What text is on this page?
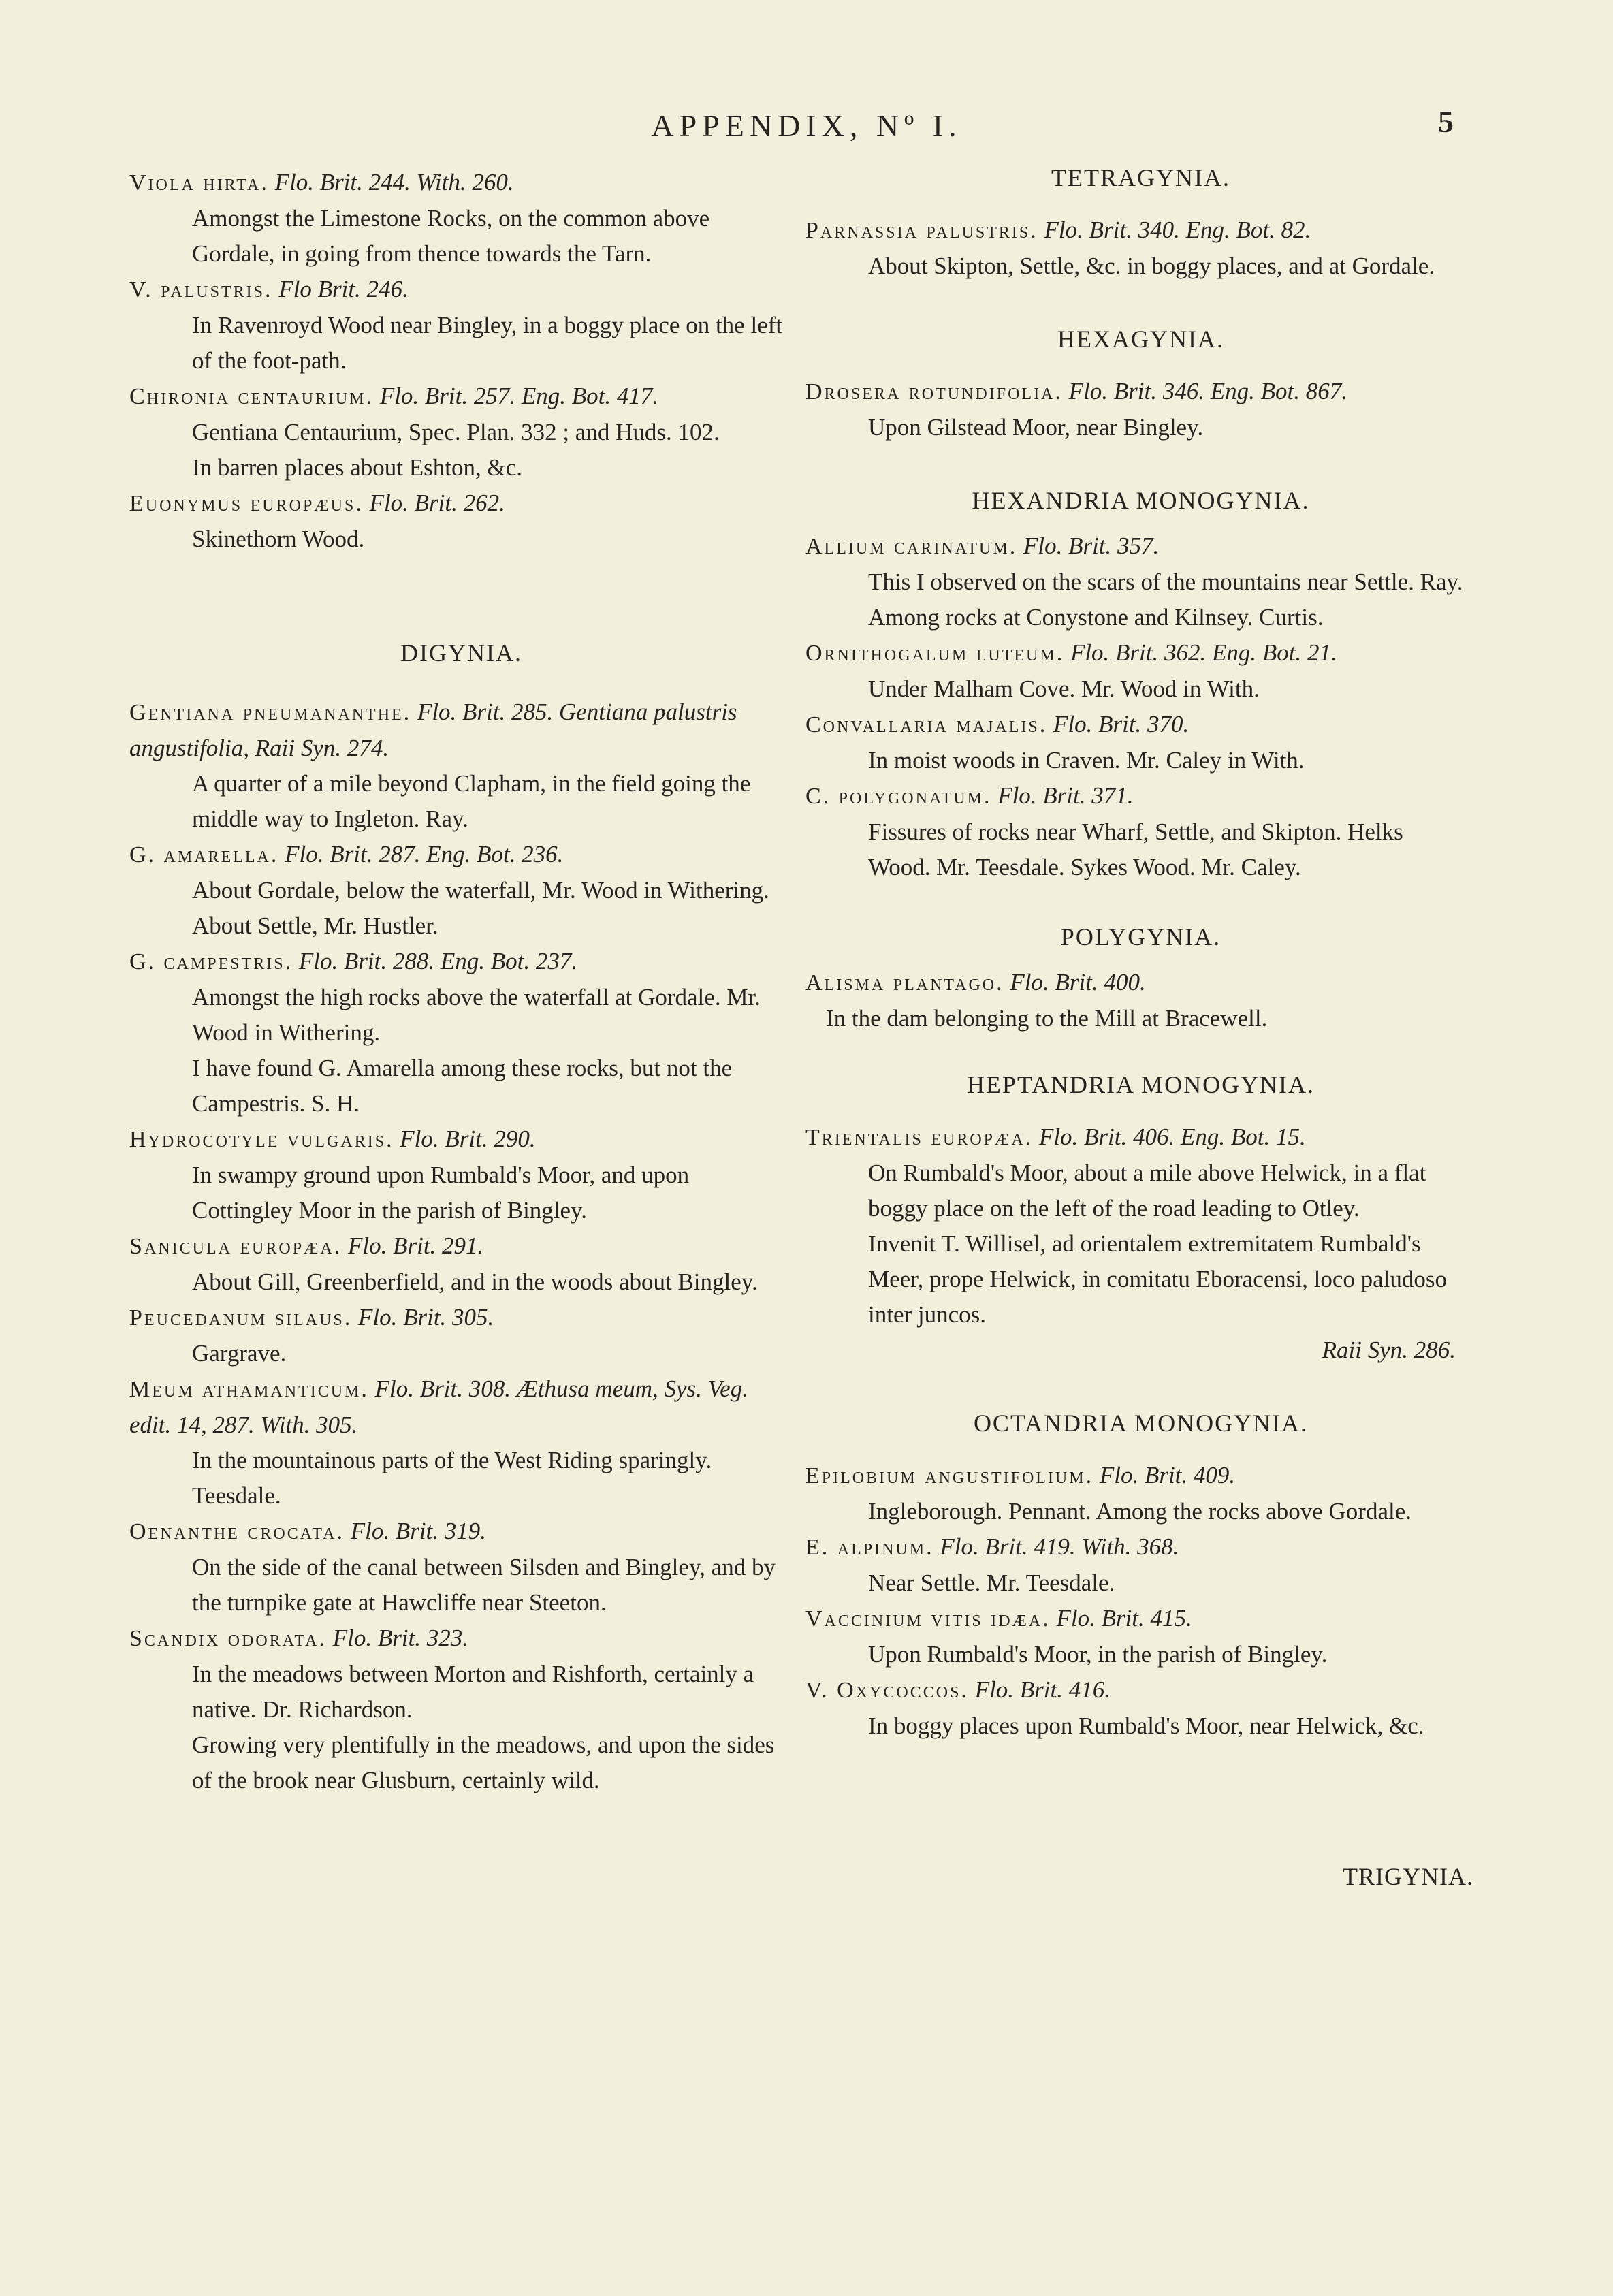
APPENDIX, Nº I.	5
Viola hirta. Flo. Brit. 244. With. 260.
Amongst the Limestone Rocks, on the common above Gordale, in going from thence towards the Tarn.
V. palustris. Flo Brit. 246.
In Ravenroyd Wood near Bingley, in a boggy place on the left of the foot-path.
Chironia centaurium. Flo. Brit. 257. Eng. Bot. 417.
Gentiana Centaurium, Spec. Plan. 332 ; and Huds. 102.
In barren places about Eshton, &c.
Euonymus europæus. Flo. Brit. 262.
Skinethorn Wood.
DIGYNIA.
Gentiana pneumananthe. Flo. Brit. 285. Gentiana palustris angustifolia, Raii Syn. 274.
A quarter of a mile beyond Clapham, in the field going the middle way to Ingleton. Ray.
G. amarella. Flo. Brit. 287. Eng. Bot. 236.
About Gordale, below the waterfall, Mr. Wood in Withering. About Settle, Mr. Hustler.
G. campestris. Flo. Brit. 288. Eng. Bot. 237.
Amongst the high rocks above the waterfall at Gordale. Mr. Wood in Withering.
I have found G. Amarella among these rocks, but not the Campestris. S. H.
Hydrocotyle vulgaris. Flo. Brit. 290.
In swampy ground upon Rumbald's Moor, and upon Cottingley Moor in the parish of Bingley.
Sanicula europæa. Flo. Brit. 291.
About Gill, Greenberfield, and in the woods about Bingley.
Peucedanum silaus. Flo. Brit. 305.
Gargrave.
Meum athamanticum. Flo. Brit. 308. Æthusa meum, Sys. Veg. edit. 14, 287. With. 305.
In the mountainous parts of the West Riding sparingly. Teesdale.
Oenanthe crocata. Flo. Brit. 319.
On the side of the canal between Silsden and Bingley, and by the turnpike gate at Hawcliffe near Steeton.
Scandix odorata. Flo. Brit. 323.
In the meadows between Morton and Rishforth, certainly a native. Dr. Richardson.
Growing very plentifully in the meadows, and upon the sides of the brook near Glusburn, certainly wild.
TETRAGYNIA.
Parnassia palustris. Flo. Brit. 340. Eng. Bot. 82.
About Skipton, Settle, &c. in boggy places, and at Gordale.
HEXAGYNIA.
Drosera rotundifolia. Flo. Brit. 346. Eng. Bot. 867.
Upon Gilstead Moor, near Bingley.
HEXANDRIA MONOGYNIA.
Allium carinatum. Flo. Brit. 357.
This I observed on the scars of the mountains near Settle. Ray. Among rocks at Conystone and Kilnsey. Curtis.
Ornithogalum luteum. Flo. Brit. 362. Eng. Bot. 21.
Under Malham Cove. Mr. Wood in With.
Convallaria majalis. Flo. Brit. 370.
In moist woods in Craven. Mr. Caley in With.
C. polygonatum. Flo. Brit. 371.
Fissures of rocks near Wharf, Settle, and Skipton. Helks Wood. Mr. Teesdale. Sykes Wood. Mr. Caley.
POLYGYNIA.
Alisma plantago. Flo. Brit. 400.
In the dam belonging to the Mill at Bracewell.
HEPTANDRIA MONOGYNIA.
Trientalis europæa. Flo. Brit. 406. Eng. Bot. 15.
On Rumbald's Moor, about a mile above Helwick, in a flat boggy place on the left of the road leading to Otley.
Invenit T. Willisel, ad orientalem extremitatem Rumbald's Meer, prope Helwick, in comitatu Eboracensi, loco paludoso inter juncos.
Raii Syn. 286.
OCTANDRIA MONOGYNIA.
Epilobium angustifolium. Flo. Brit. 409.
Ingleborough. Pennant. Among the rocks above Gordale.
E. alpinum. Flo. Brit. 419. With. 368.
Near Settle. Mr. Teesdale.
Vaccinium vitis idæa. Flo. Brit. 415.
Upon Rumbald's Moor, in the parish of Bingley.
V. Oxycoccos. Flo. Brit. 416.
In boggy places upon Rumbald's Moor, near Helwick, &c.
TRIGYNIA.
